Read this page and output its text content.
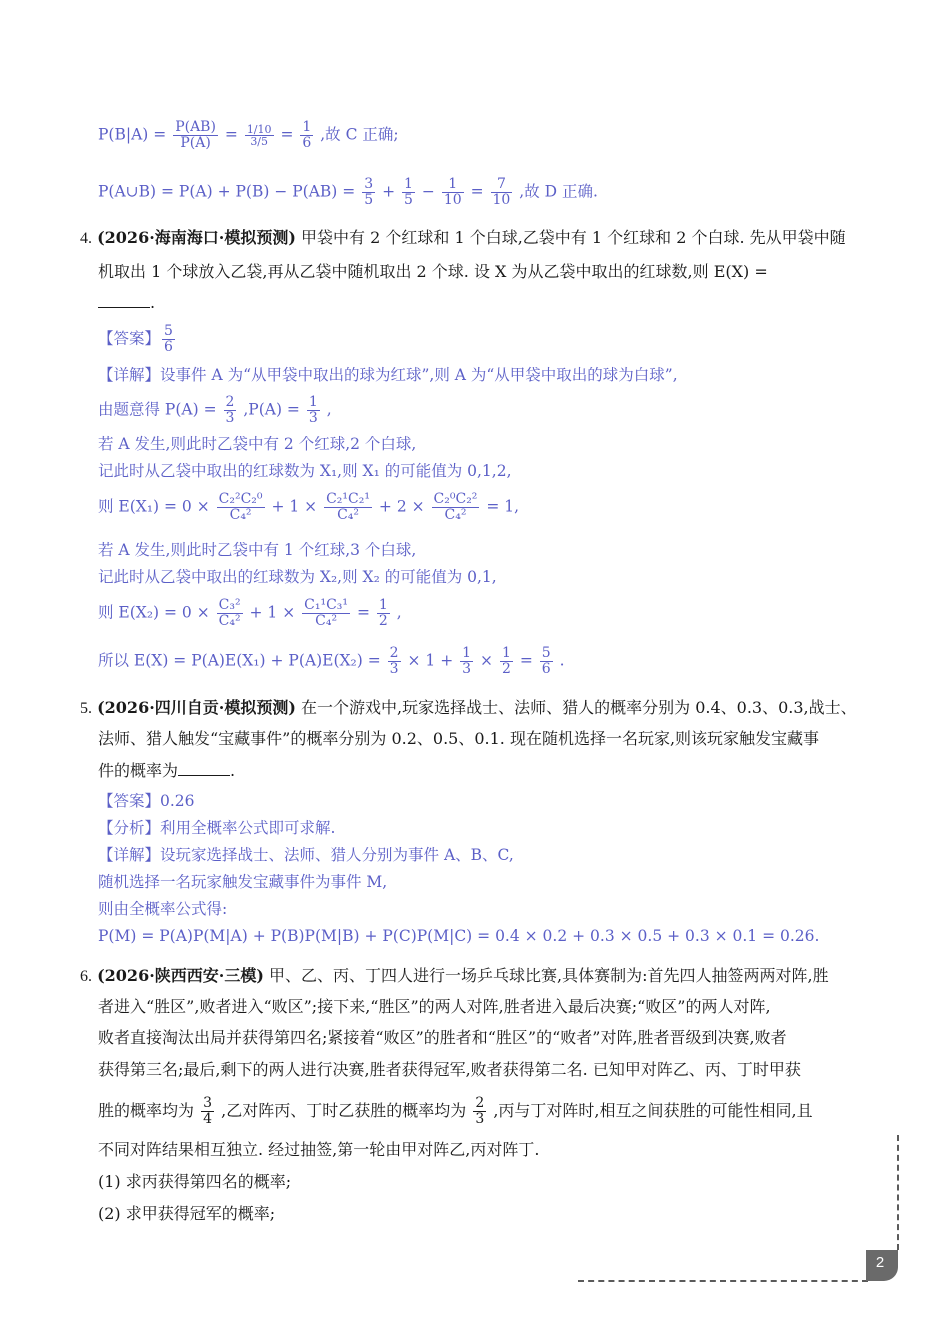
$P(B|A) = \frac{P(AB)}{P(A)} = \frac{1/10}{3/5} = \frac{1}{6}$ ,故 C 正确;
P(A∪B) = $P(A) + P(B) - P(AB) = \frac{3}{5} + \frac{1}{5} - \frac{1}{10} = \frac{7}{10}$ ,故 D 正确.
4. (2026·海南海口·模拟预测) 甲袋中有 2 个红球和 1 个白球,乙袋中有 1 个红球和 2 个白球. 先从甲袋中随
机取出 1 个球放入乙袋,再从乙袋中随机取出 2 个球. 设 X 为从乙袋中取出的红球数,则 E(X) =
.
【答案】 $\frac{5}{6}$
【详解】设事件 A 为“从甲袋中取出的球为红球”,则 A 为“从甲袋中取出的球为白球”,
由题意得 $P(A) = \frac{2}{3} ,P(A) = \frac{1}{3}$ ,
若 A 发生,则此时乙袋中有 2 个红球,2 个白球,
记此时从乙袋中取出的红球数为 X₁,则 X₁ 的可能值为 0,1,2,
则 $E(X_1) = 0 \times \frac{\text{C₂²C₂⁰}}{\text{C₄²}} + 1 \times \frac{\text{C₂¹C₂¹}}{\text{C₄²}} + 2 \times \frac{\text{C₂⁰C₂²}}{\text{C₄²}} = 1$,
若 A 发生,则此时乙袋中有 1 个红球,3 个白球,
记此时从乙袋中取出的红球数为 X₂,则 X₂ 的可能值为 0,1,
则 $E(X_2) = 0 \times \frac{\text{C₃²}}{\text{C₄²}} + 1 \times \frac{\text{C₁¹C₃¹}}{\text{C₄²}} = \frac{1}{2}$ ,
所以 $E(X) = P(A)E(X_1) + P(A)E(X_2) = \frac{2}{3} \times 1 + \frac{1}{3} \times \frac{1}{2} = \frac{5}{6}$ .
5. (2026·四川自贡·模拟预测) 在一个游戏中,玩家选择战士、法师、猎人的概率分别为 0.4、0.3、0.3,战士、
法师、猎人触发“宝藏事件”的概率分别为 0.2、0.5、0.1. 现在随机选择一名玩家,则该玩家触发宝藏事
件的概率为	.
【答案】0.26
【分析】利用全概率公式即可求解.
【详解】设玩家选择战士、法师、猎人分别为事件 A、B、C,
随机选择一名玩家触发宝藏事件为事件 M,
则由全概率公式得:
P(M) = P(A)P(M|A) + P(B)P(M|B) + P(C)P(M|C) = 0.4 × 0.2 + 0.3 × 0.5 + 0.3 × 0.1 = 0.26.
6. (2026·陕西西安·三模) 甲、乙、丙、丁四人进行一场乒乓球比赛,具体赛制为:首先四人抽签两两对阵,胜
者进入“胜区”,败者进入“败区”;接下来,“胜区”的两人对阵,胜者进入最后决赛;“败区”的两人对阵,
败者直接淘汰出局并获得第四名;紧接着“败区”的胜者和“胜区”的“败者”对阵,胜者晋级到决赛,败者
获得第三名;最后,剩下的两人进行决赛,胜者获得冠军,败者获得第二名. 已知甲对阵乙、丙、丁时甲获
胜的概率均为 $\frac{3}{4}$ ,乙对阵丙、丁时乙获胜的概率均为 $\frac{2}{3}$ ,丙与丁对阵时,相互之间获胜的可能性相同,且
不同对阵结果相互独立. 经过抽签,第一轮由甲对阵乙,丙对阵丁.
(1) 求丙获得第四名的概率;
(2) 求甲获得冠军的概率;
2
